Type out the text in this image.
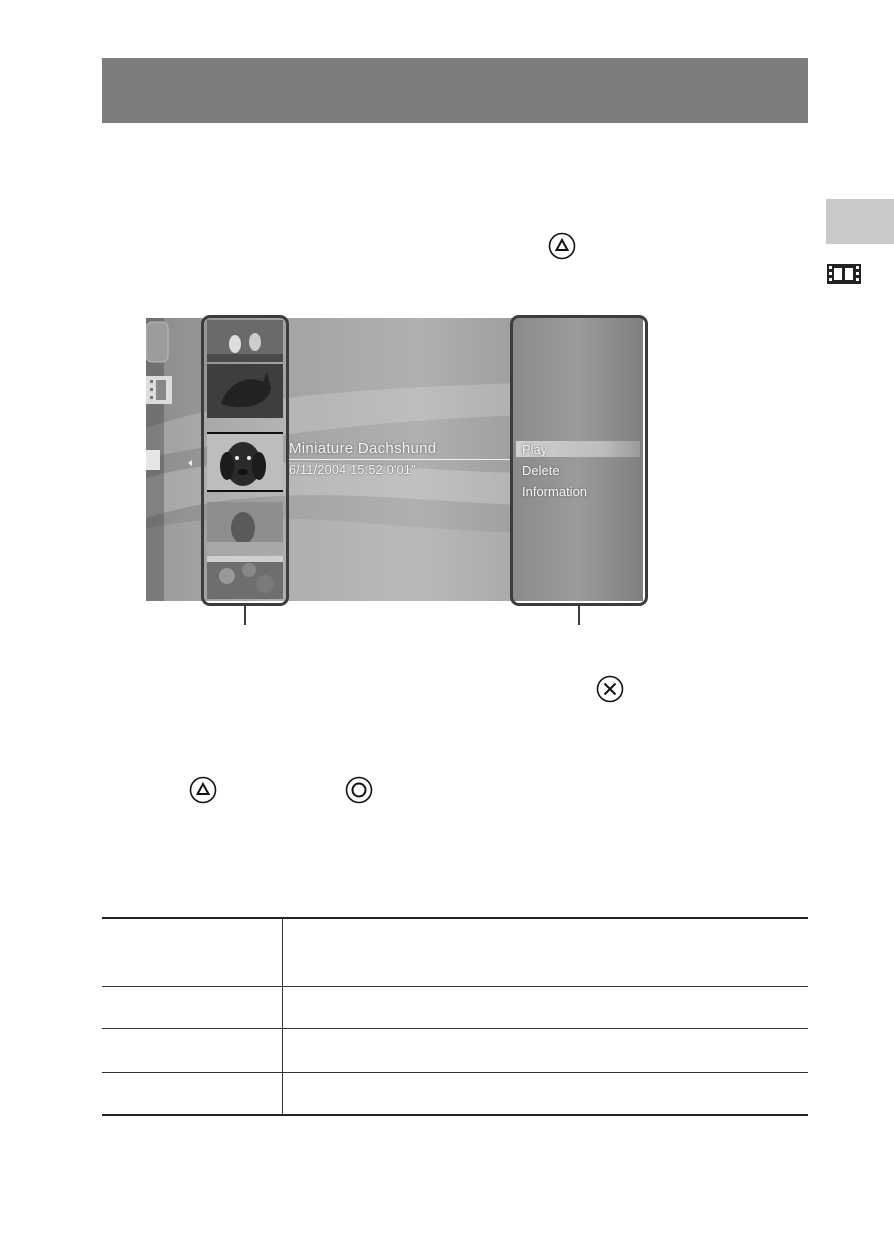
Miniature Dachshund
6/11/2004 15:52 0'01"
Play
Delete
Information
